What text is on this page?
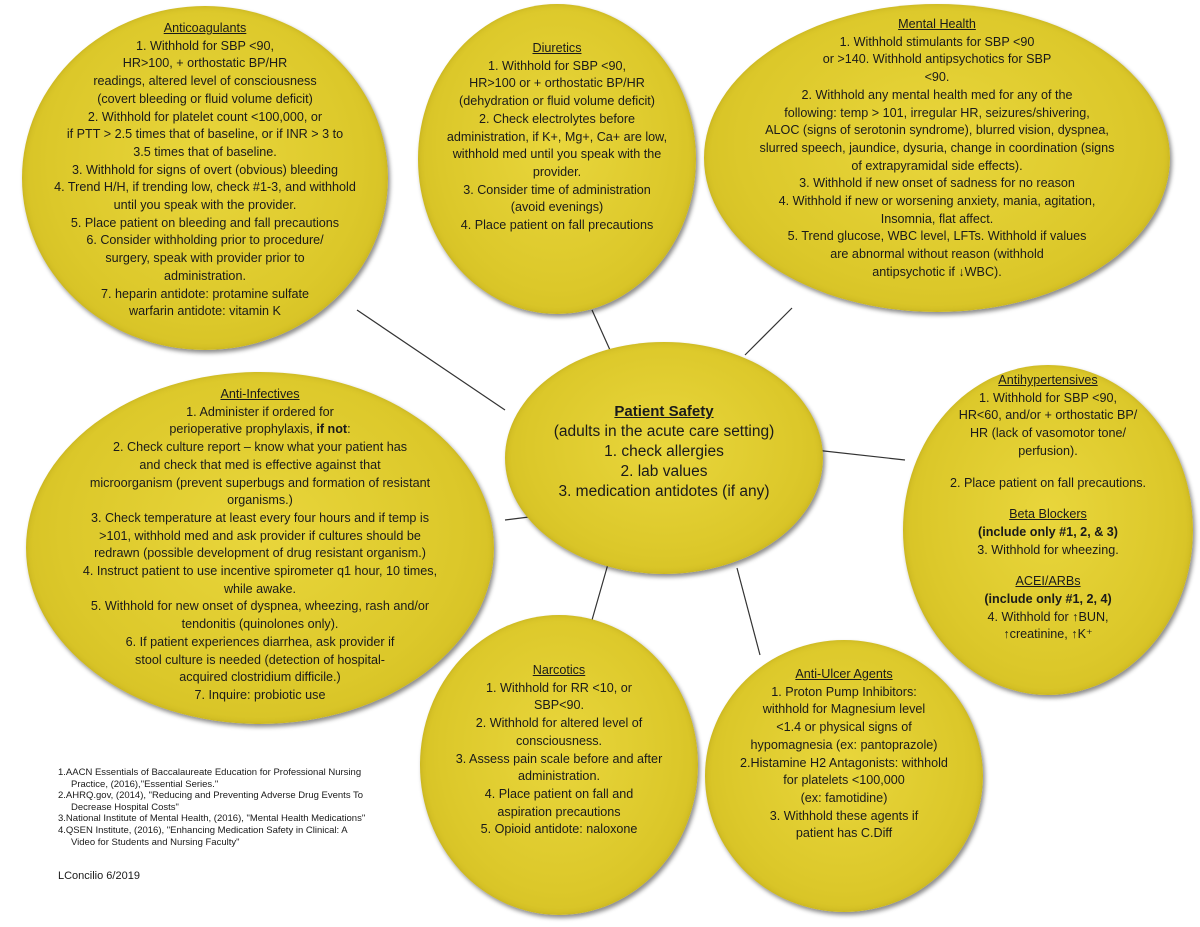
Anticoagulants
1. Withhold for SBP <90,
HR>100, + orthostatic BP/HR
readings, altered level of consciousness
(covert bleeding or fluid volume deficit)
2. Withhold for platelet count <100,000, or
if PTT > 2.5 times that of baseline, or if INR > 3 to
3.5 times that of baseline.
3. Withhold for signs of overt (obvious) bleeding
4. Trend H/H, if trending low, check #1-3, and withhold
until you speak with the provider.
5. Place patient on bleeding and fall precautions
6. Consider withholding prior to procedure/
surgery, speak with provider prior to
administration.
7. heparin antidote: protamine sulfate
warfarin antidote: vitamin K
Diuretics
1. Withhold for SBP <90,
HR>100 or + orthostatic BP/HR
(dehydration or fluid volume deficit)
2. Check electrolytes before
administration, if K+, Mg+, Ca+ are low,
withhold med until you speak with the
provider.
3. Consider time of administration
(avoid evenings)
4. Place patient on fall precautions
Mental Health
1. Withhold stimulants for SBP <90
or >140. Withhold antipsychotics for SBP
<90.
2. Withhold any mental health med for any of the
following: temp > 101, irregular HR, seizures/shivering,
ALOC (signs of serotonin syndrome), blurred vision, dyspnea,
slurred speech, jaundice, dysuria, change in coordination (signs
of extrapyramidal side effects).
3. Withhold if new onset of sadness for no reason
4. Withhold if new or worsening anxiety, mania, agitation,
Insomnia, flat affect.
5. Trend glucose, WBC level, LFTs. Withhold if values
are abnormal without reason (withhold
antipsychotic if ↓WBC).
Anti-Infectives
1. Administer if ordered for
perioperative prophylaxis, if not:
2. Check culture report – know what your patient has
and check that med is effective against that
microorganism (prevent superbugs and formation of resistant
organisms.)
3. Check temperature at least every four hours and if temp is
>101, withhold med and ask provider if cultures should be
redrawn (possible development of drug resistant organism.)
4. Instruct patient to use incentive spirometer q1 hour, 10 times,
while awake.
5. Withhold for new onset of dyspnea, wheezing, rash and/or
tendonitis (quinolones only).
6. If patient experiences diarrhea, ask provider if
stool culture is needed (detection of hospital-
acquired clostridium difficile.)
7. Inquire: probiotic use
Patient Safety
(adults in the acute care setting)
1. check allergies
2. lab values
3. medication antidotes (if any)
Antihypertensives
1. Withhold for SBP <90,
HR<60, and/or + orthostatic BP/
HR (lack of vasomotor tone/
perfusion).
2. Place patient on fall precautions.
Beta Blockers
(include only #1, 2, & 3)
3. Withhold for wheezing.
ACEI/ARBs
(include only #1, 2, 4)
4. Withhold for ↑BUN,
↑creatinine, ↑K⁺
Narcotics
1. Withhold for RR <10, or
SBP<90.
2. Withhold for altered level of
consciousness.
3. Assess pain scale before and after
administration.
4. Place patient on fall and
aspiration precautions
5. Opioid antidote: naloxone
Anti-Ulcer Agents
1. Proton Pump Inhibitors:
withhold for Magnesium level
<1.4 or physical signs of
hypomagnesia (ex: pantoprazole)
2.Histamine H2 Antagonists: withhold
for platelets <100,000
(ex: famotidine)
3. Withhold these agents if
patient has C.Diff
1.AACN Essentials of Baccalaureate Education for Professional Nursing
Practice, (2016),"Essential Series."
2.AHRQ.gov, (2014), "Reducing and Preventing Adverse Drug Events To
Decrease Hospital Costs"
3.National Institute of Mental Health, (2016), "Mental Health Medications"
4.QSEN Institute, (2016), "Enhancing Medication Safety in Clinical: A
Video for Students and Nursing Faculty"
LConcilio 6/2019
